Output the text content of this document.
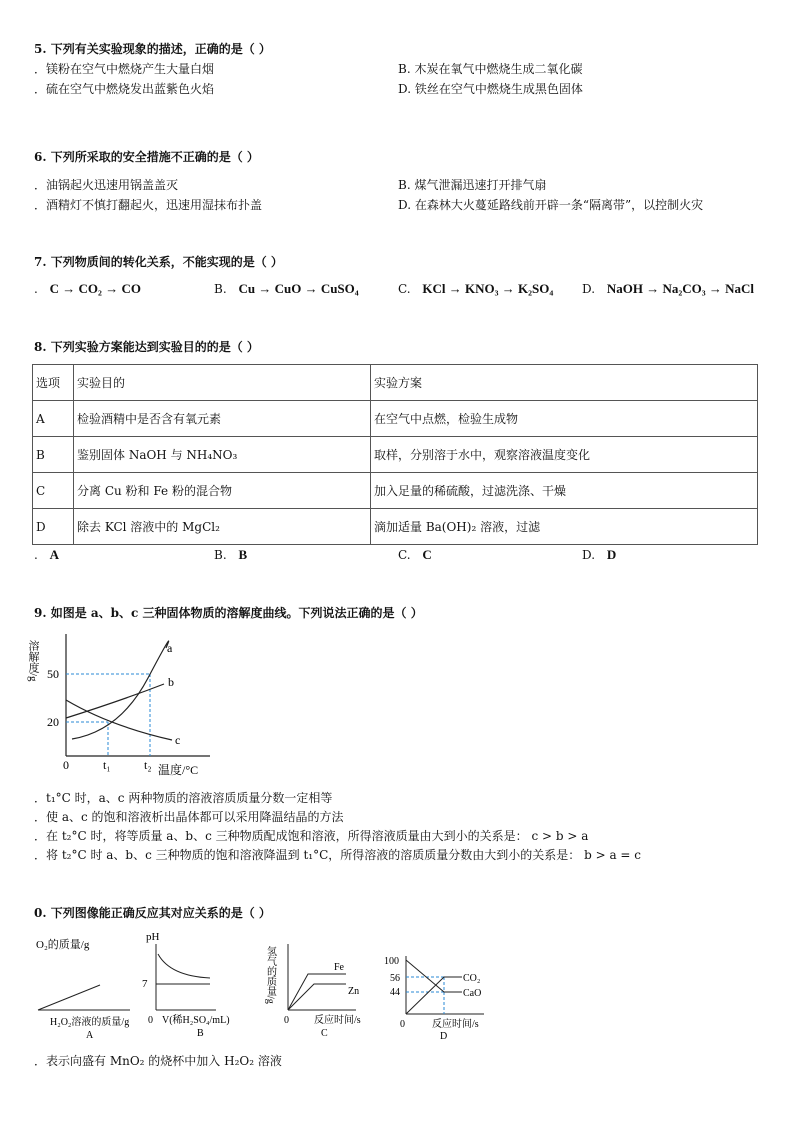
5. 下列有关实验现象的描述，正确的是（ ）
．镁粉在空气中燃烧产生大量白烟	B. 木炭在氧气中燃烧生成二氧化碳
．硫在空气中燃烧发出蓝紫色火焰	D. 铁丝在空气中燃烧生成黑色固体
6. 下列所采取的安全措施不正确的是（ ）
．油锅起火迅速用锅盖盖灭	B. 煤气泄漏迅速打开排气扇
．酒精灯不慎打翻起火，迅速用湿抹布扑盖	D. 在森林大火蔓延路线前开辟一条“隔离带”，以控制火灾
7. 下列物质间的转化关系，不能实现的是（ ）
. C → CO₂ → CO	B. Cu → CuO → CuSO₄	C. KCl → KNO₃ → K₂SO₄ D. NaOH → Na₂CO₃ → NaCl
8. 下列实验方案能达到实验目的的是（ ）
选项	实验目的	实验方案
A	检验酒精中是否含有氧元素	在空气中点燃，检验生成物
B	鉴别固体 NaOH 与 NH₄NO₃	取样，分别溶于水中，观察溶液温度变化
C	分离 Cu 粉和 Fe 粉的混合物	加入足量的稀硫酸，过滤洗涤、干燥
D	除去 KCl 溶液中的 MgCl₂	滴加适量 Ba(OH)₂ 溶液，过滤
. A	B. B	C. C	D. D
9. 如图是 a、b、c 三种固体物质的溶解度曲线。下列说法正确的是（ ）
溶解度/g 50
20
0	t₁	t₂ 温度/°C
a
b
c
．t₁°C 时，a、c 两种物质的溶液溶质质量分数一定相等
．使 a、c 的饱和溶液析出晶体都可以采用降温结晶的方法
．在 t₂°C 时，将等质量 a、b、c 三种物质配成饱和溶液，所得溶液质量由大到小的关系是： c > b > a
．将 t₂°C 时 a、b、c 三种物质的饱和溶液降温到 t₁°C，所得溶液的溶质质量分数由大到小的关系是： b > a = c
0. 下列图像能正确反应其对应关系的是（ ）
O₂的质量/g
H₂O₂溶液的质量/g
A
pH
7
0 V(稀H₂SO₄/mL)
B
氢气的质量/g	Fe
Zn
0	反应时间/s
C
100
56
44
CO₂
CaO
0	反应时间/s
D
．表示向盛有 MnO₂ 的烧杯中加入 H₂O₂ 溶液
